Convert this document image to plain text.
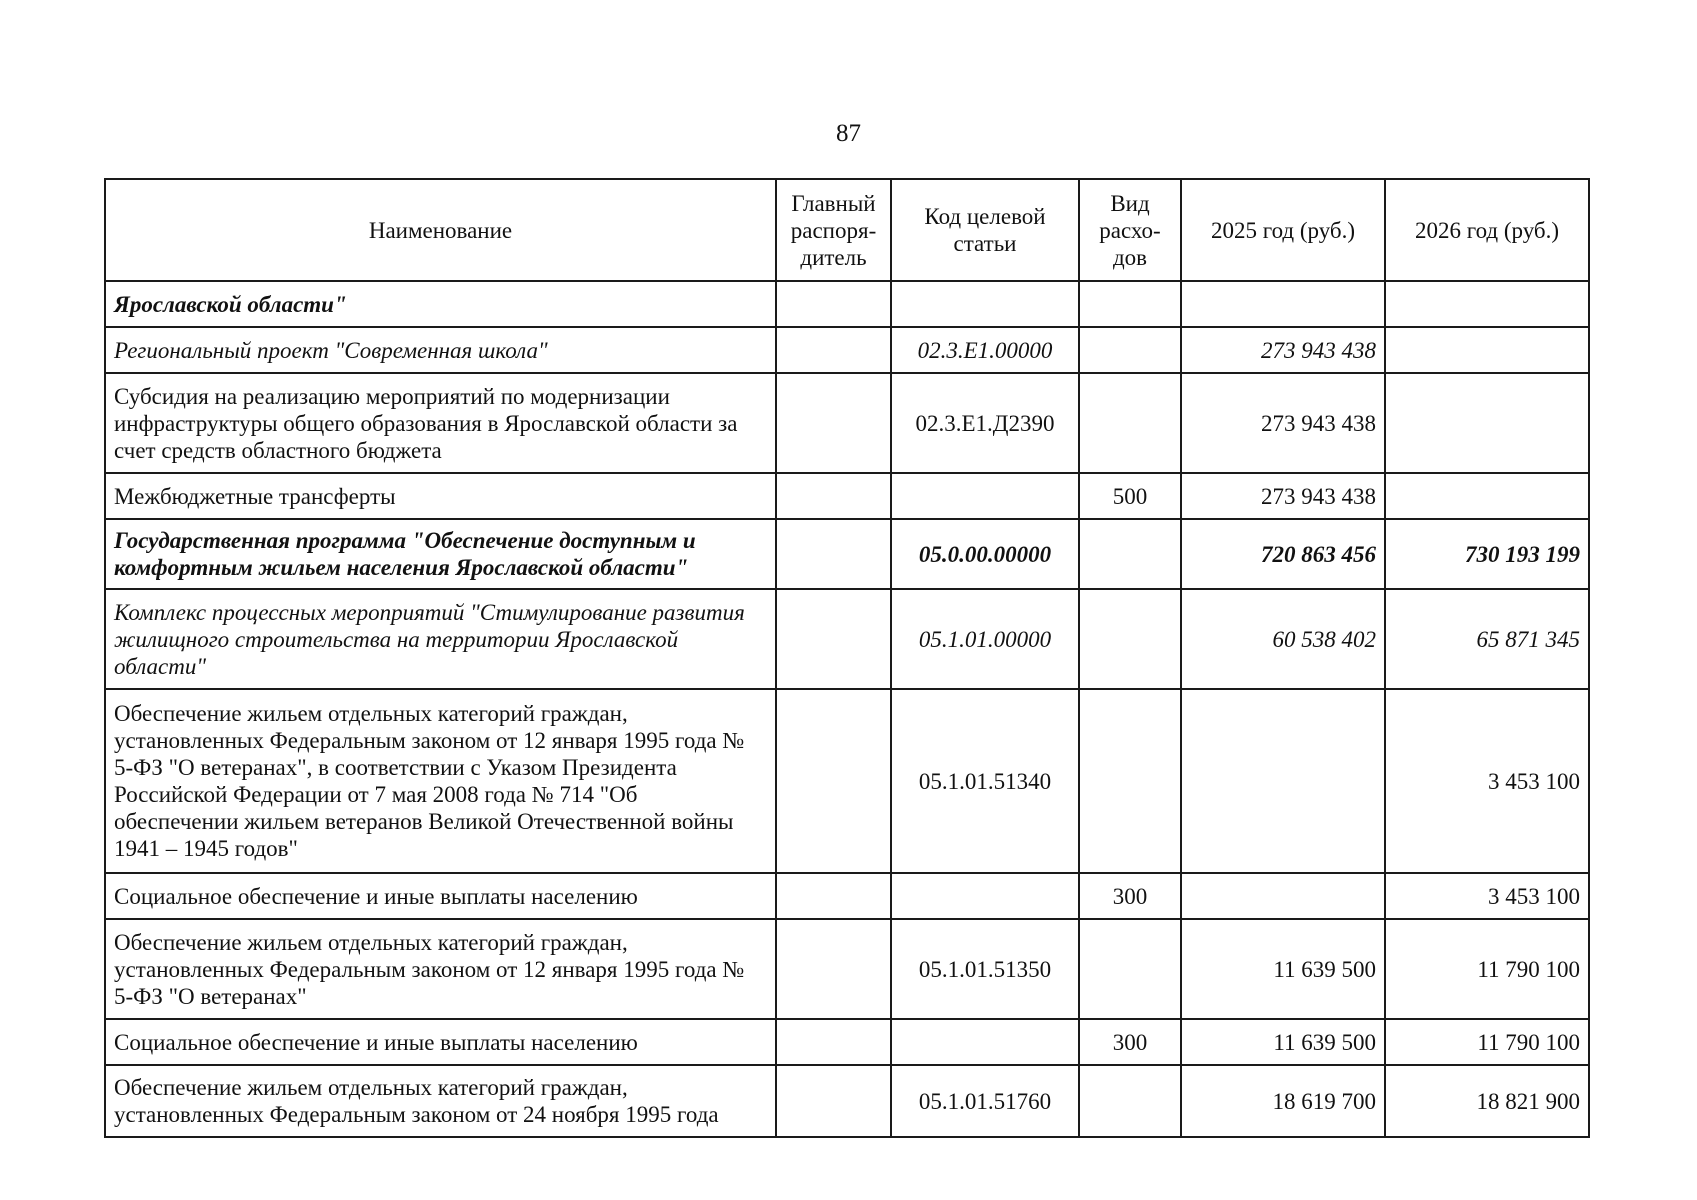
87
Наименование	Главный распоря-дитель	Код целевой статьи	Вид расхо-дов	2025 год (руб.)	2026 год (руб.)
Ярославской области"					
Региональный проект "Современная школа"		02.3.Е1.00000		273 943 438	
Субсидия на реализацию мероприятий по модернизации инфраструктуры общего образования в Ярославской области за счет средств областного бюджета		02.3.Е1.Д2390		273 943 438	
Межбюджетные трансферты			500	273 943 438	
Государственная программа "Обеспечение доступным и комфортным жильем населения Ярославской области"		05.0.00.00000		720 863 456	730 193 199
Комплекс процессных мероприятий "Стимулирование развития жилищного строительства на территории Ярославской области"		05.1.01.00000		60 538 402	65 871 345
Обеспечение жильем отдельных категорий граждан, установленных Федеральным законом от 12 января 1995 года № 5-ФЗ "О ветеранах", в соответствии с Указом Президента Российской Федерации от 7 мая 2008 года № 714 "Об обеспечении жильем ветеранов Великой Отечественной войны 1941 – 1945 годов"		05.1.01.51340			3 453 100
Социальное обеспечение и иные выплаты населению			300		3 453 100
Обеспечение жильем отдельных категорий граждан, установленных Федеральным законом от 12 января 1995 года № 5-ФЗ "О ветеранах"		05.1.01.51350		11 639 500	11 790 100
Социальное обеспечение и иные выплаты населению			300	11 639 500	11 790 100
Обеспечение жильем отдельных категорий граждан, установленных Федеральным законом от 24 ноября 1995 года		05.1.01.51760		18 619 700	18 821 900
